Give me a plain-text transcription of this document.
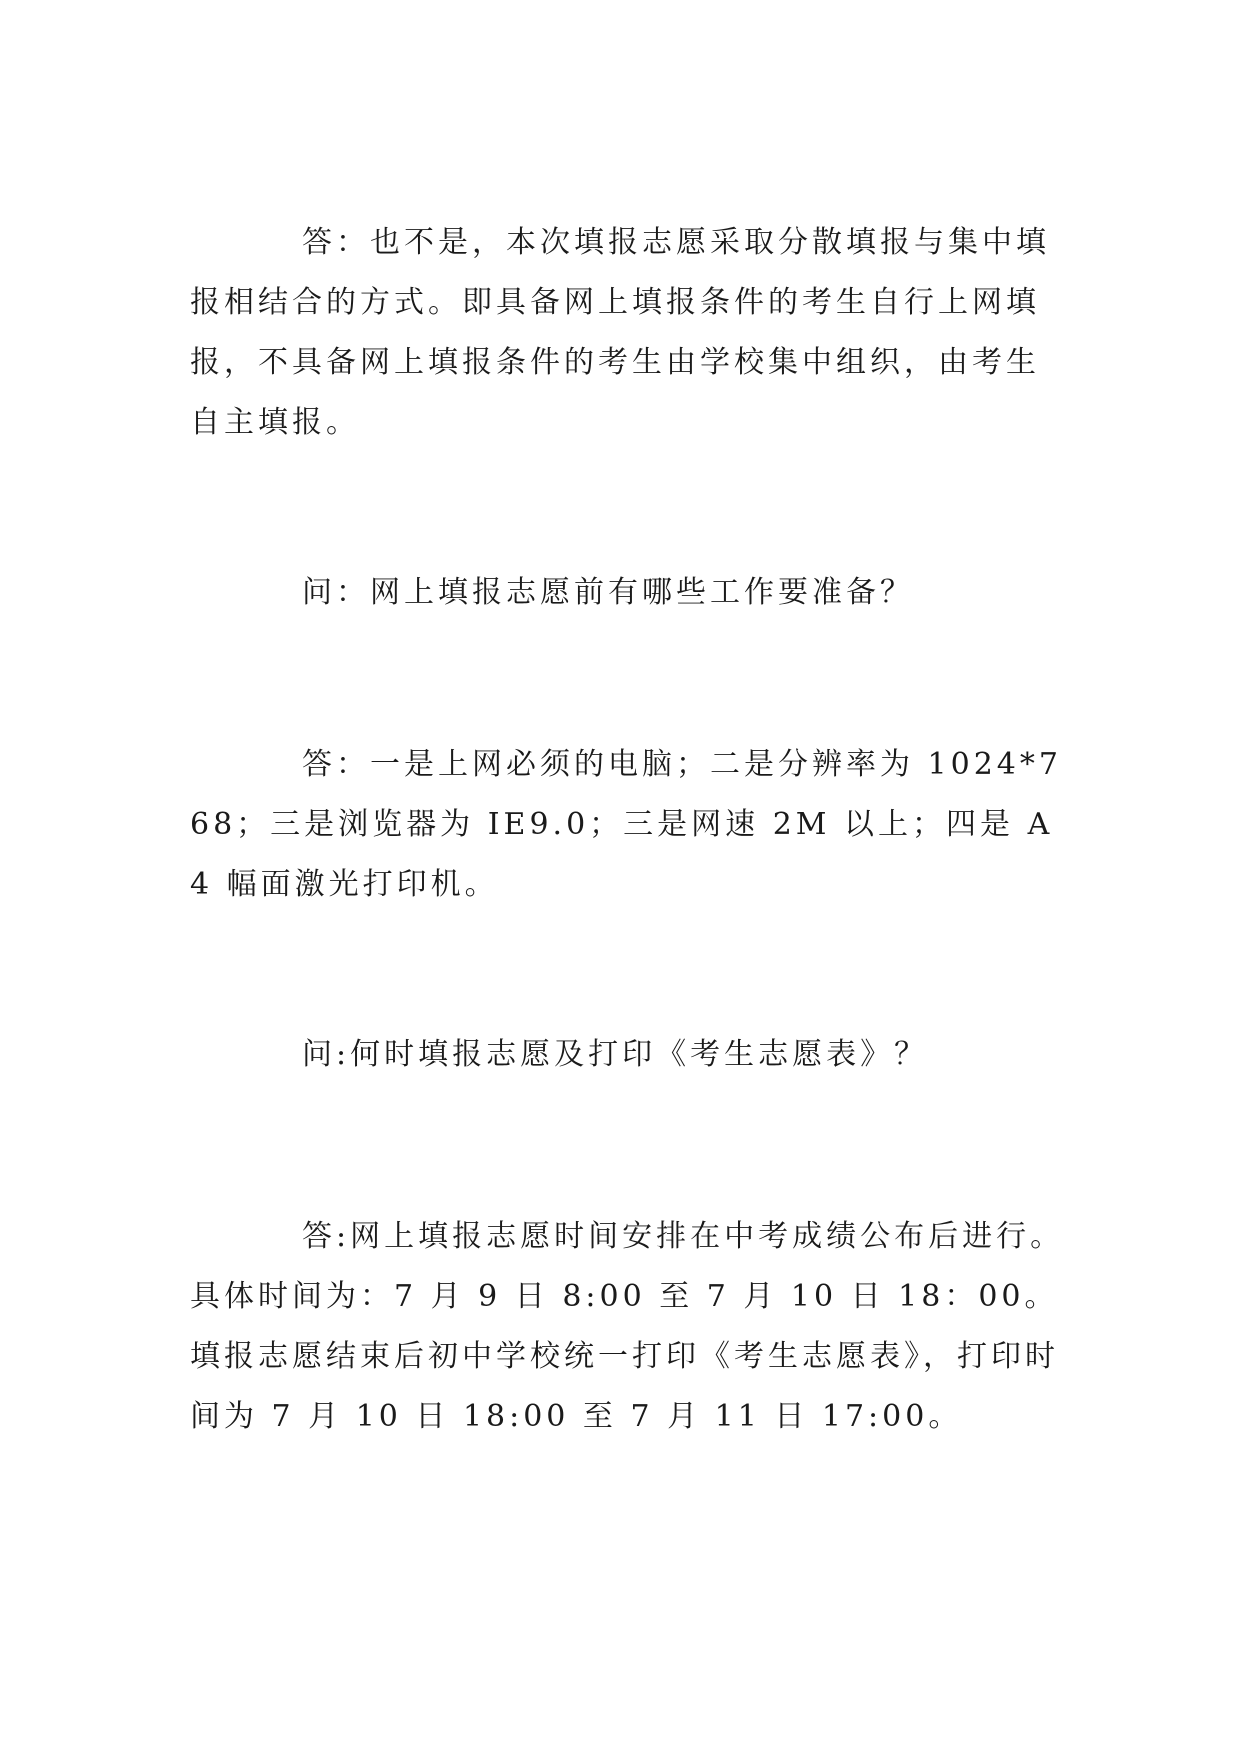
答：也不是，本次填报志愿采取分散填报与集中填报相结合的方式。即具备网上填报条件的考生自行上网填报，不具备网上填报条件的考生由学校集中组织，由考生自主填报。

问：网上填报志愿前有哪些工作要准备？

答：一是上网必须的电脑；二是分辨率为 1024*768；三是浏览器为 IE9.0；三是网速 2M 以上；四是 A4 幅面激光打印机。

问:何时填报志愿及打印《考生志愿表》？

答:网上填报志愿时间安排在中考成绩公布后进行。具体时间为：7 月 9 日 8:00 至 7 月 10 日 18：00。填报志愿结束后初中学校统一打印《考生志愿表》，打印时间为 7 月 10 日 18:00 至 7 月 11 日 17:00。
